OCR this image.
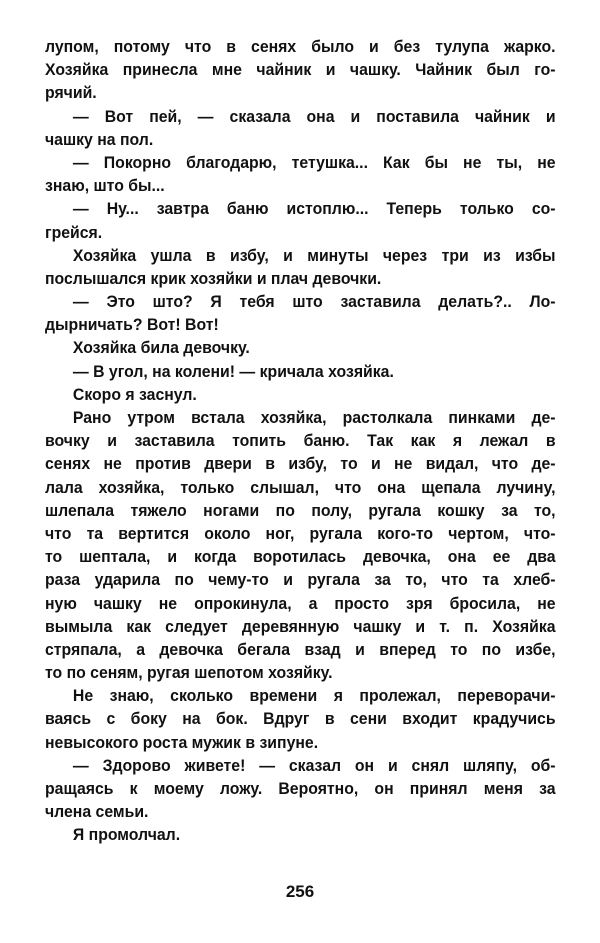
лупом, потому что в сенях было и без тулупа жарко.
Хозяйка принесла мне чайник и чашку. Чайник был го-
рячий.
— Вот пей, — сказала она и поставила чайник и
чашку на пол.
— Покорно благодарю, тетушка... Как бы не ты, не
знаю, што бы...
— Ну... завтра баню истоплю... Теперь только со-
грейся.
Хозяйка ушла в избу, и минуты через три из избы
послышался крик хозяйки и плач девочки.
— Это што? Я тебя што заставила делать?.. Ло-
дырничать? Вот! Вот!
Хозяйка била девочку.
— В угол, на колени! — кричала хозяйка.
Скоро я заснул.
Рано утром встала хозяйка, растолкала пинками де-
вочку и заставила топить баню. Так как я лежал в
сенях не против двери в избу, то и не видал, что де-
лала хозяйка, только слышал, что она щепала лучину,
шлепала тяжело ногами по полу, ругала кошку за то,
что та вертится около ног, ругала кого-то чертом, что-
то шептала, и когда воротилась девочка, она ее два
раза ударила по чему-то и ругала за то, что та хлеб-
ную чашку не опрокинула, а просто зря бросила, не
вымыла как следует деревянную чашку и т. п. Хозяйка
стряпала, а девочка бегала взад и вперед то по избе,
то по сеням, ругая шепотом хозяйку.
Не знаю, сколько времени я пролежал, переворачи-
ваясь с боку на бок. Вдруг в сени входит крадучись
невысокого роста мужик в зипуне.
— Здорово живете! — сказал он и снял шляпу, об-
ращаясь к моему ложу. Вероятно, он принял меня за
члена семьи.
Я промолчал.
256
